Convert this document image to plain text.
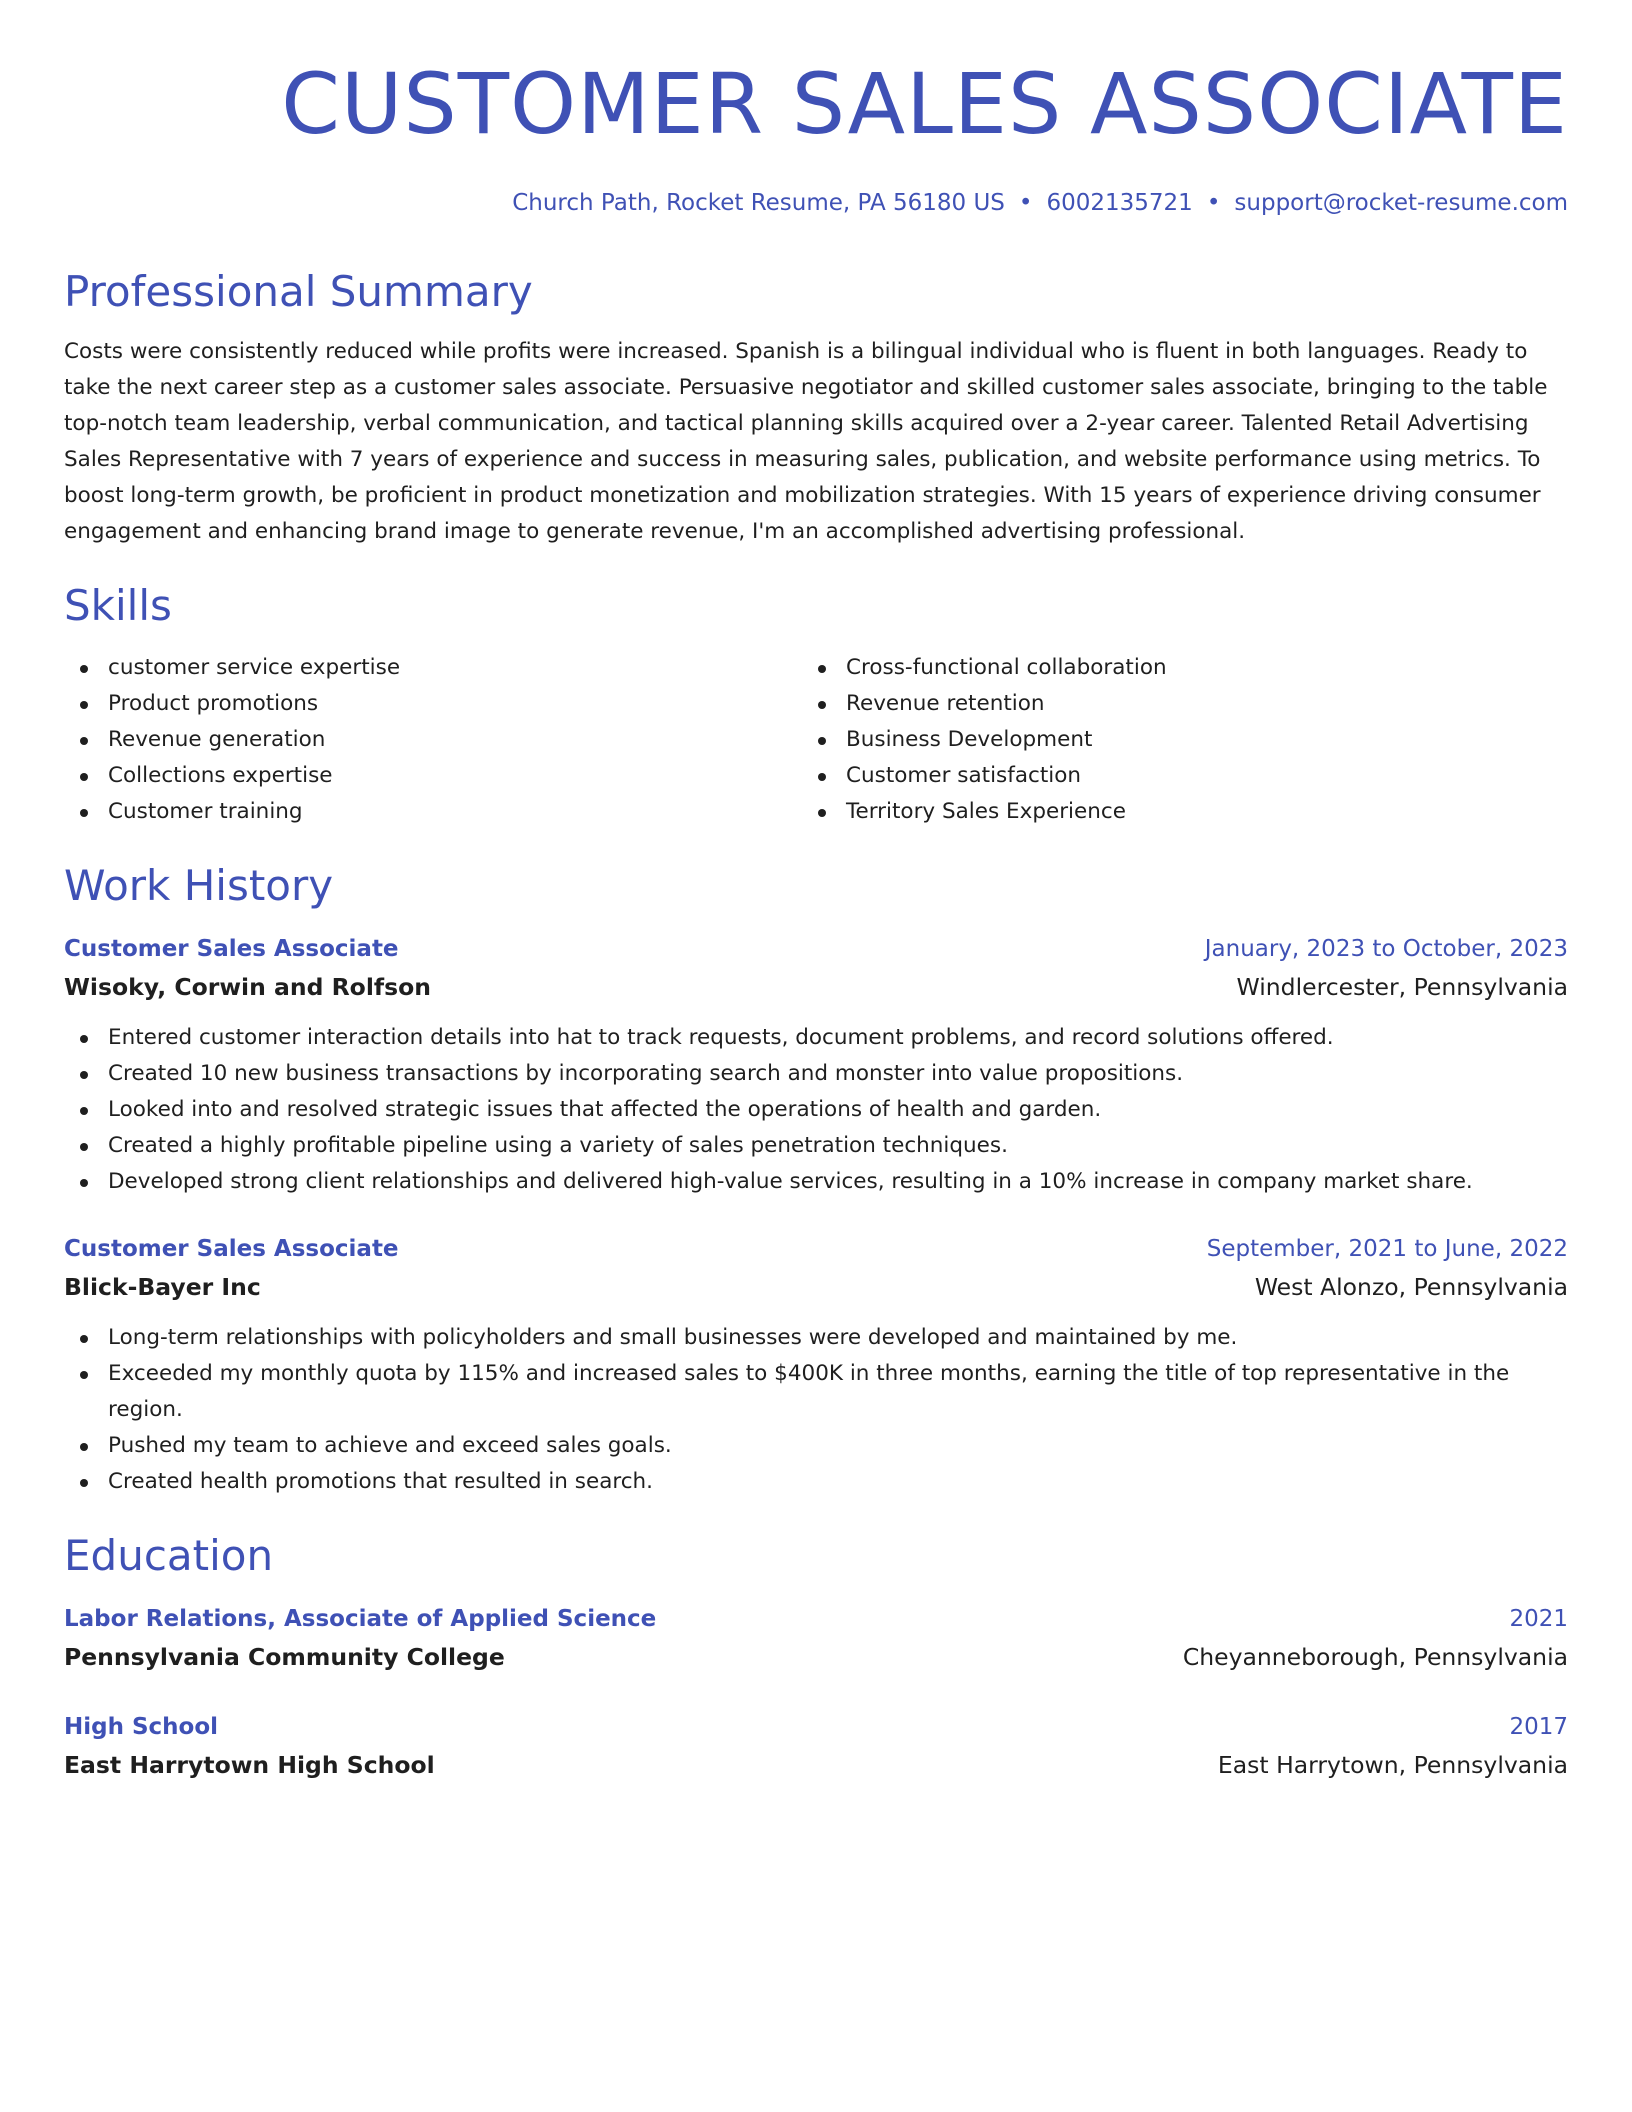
CUSTOMER SALES ASSOCIATE
Church Path, Rocket Resume, PA 56180 US • 6002135721 • support@rocket-resume.com
Professional Summary
Costs were consistently reduced while profits were increased. Spanish is a bilingual individual who is fluent in both languages. Ready to take the next career step as a customer sales associate. Persuasive negotiator and skilled customer sales associate, bringing to the table top-notch team leadership, verbal communication, and tactical planning skills acquired over a 2-year career. Talented Retail Advertising Sales Representative with 7 years of experience and success in measuring sales, publication, and website performance using metrics. To boost long-term growth, be proficient in product monetization and mobilization strategies. With 15 years of experience driving consumer engagement and enhancing brand image to generate revenue, I'm an accomplished advertising professional.
Skills
customer service expertise
Product promotions
Revenue generation
Collections expertise
Customer training
Cross-functional collaboration
Revenue retention
Business Development
Customer satisfaction
Territory Sales Experience
Work History
Customer Sales Associate	January, 2023 to October, 2023
Wisoky, Corwin and Rolfson	Windlercester, Pennsylvania
Entered customer interaction details into hat to track requests, document problems, and record solutions offered.
Created 10 new business transactions by incorporating search and monster into value propositions.
Looked into and resolved strategic issues that affected the operations of health and garden.
Created a highly profitable pipeline using a variety of sales penetration techniques.
Developed strong client relationships and delivered high-value services, resulting in a 10% increase in company market share.
Customer Sales Associate	September, 2021 to June, 2022
Blick-Bayer Inc	West Alonzo, Pennsylvania
Long-term relationships with policyholders and small businesses were developed and maintained by me.
Exceeded my monthly quota by 115% and increased sales to $400K in three months, earning the title of top representative in the region.
Pushed my team to achieve and exceed sales goals.
Created health promotions that resulted in search.
Education
Labor Relations, Associate of Applied Science	2021
Pennsylvania Community College	Cheyanneborough, Pennsylvania
High School	2017
East Harrytown High School	East Harrytown, Pennsylvania
